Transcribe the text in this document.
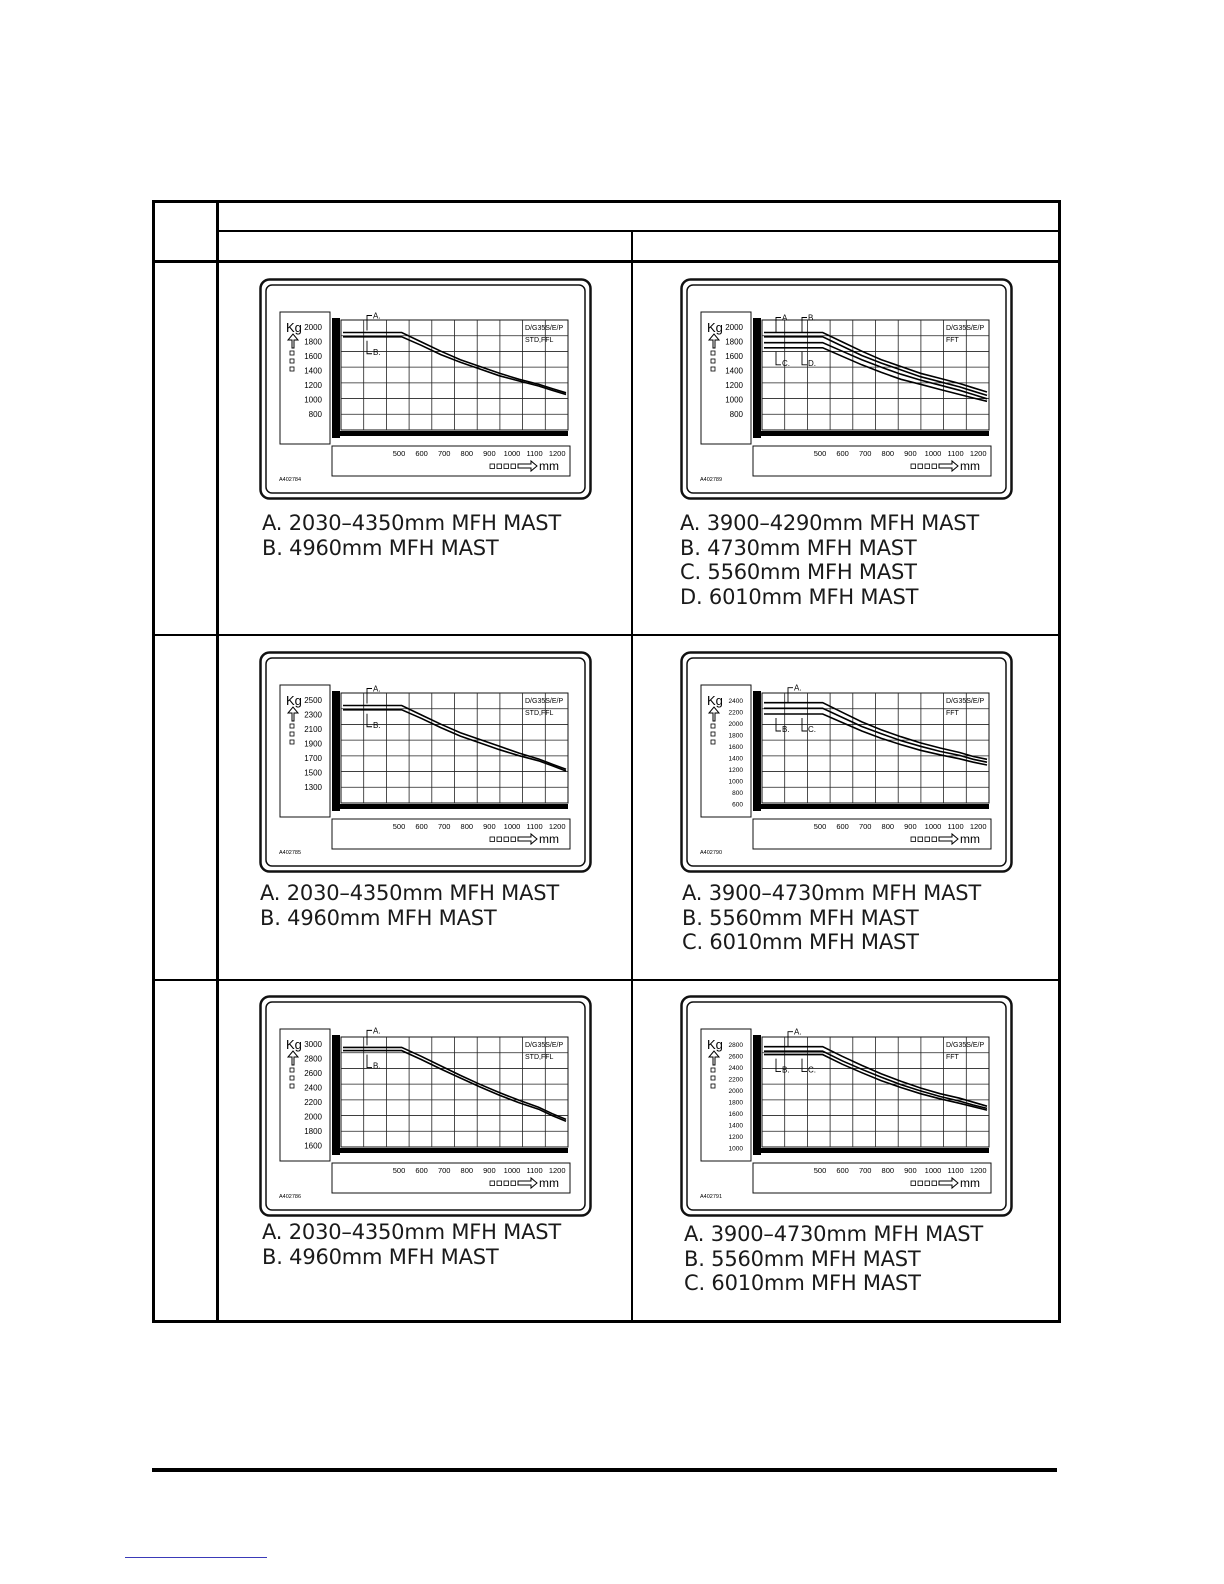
Kg 2000
1800
1600
1400
1200
1000
800
500 600 700 800 900 1000 1100 1200
mm
A402784
D/G35S/E/P
STD,FFL
A.
B.
Kg 2000
1800
1600
1400
1200
1000
800
500 600 700 800 900 1000 1100 1200
mm
A402789
D/G35S/E/P
FFT
A. B.
C. D.
Kg 2500
2300
2100
1900
1700
1500
1300
500 600 700 800 900 1000 1100 1200
mm
A402785
D/G35S/E/P
STD,FFL
A.
B.
Kg 2400
2200
2000
1800
1600
1400
1200
1000
800
600
500 600 700 800 900 1000 1100 1200
mm
A402790
D/G35S/E/P
FFT
A.
B. C.
Kg 3000
2800
2600
2400
2200
2000
1800
1600
500 600 700 800 900 1000 1100 1200
mm
A402786
D/G35S/E/P
STD,FFL
A.
B.
Kg 2800
2600
2400
2200
2000
1800
1600
1400
1200
1000
500 600 700 800 900 1000 1100 1200
mm
A402791
D/G35S/E/P
FFT
A.
B. C.
A. 2030–4350mm MFH MAST
B. 4960mm MFH MAST
A. 3900–4290mm MFH MAST
B. 4730mm MFH MAST
C. 5560mm MFH MAST
D. 6010mm MFH MAST
A. 2030–4350mm MFH MAST
B. 4960mm MFH MAST
A. 3900–4730mm MFH MAST
B. 5560mm MFH MAST
C. 6010mm MFH MAST
A. 2030–4350mm MFH MAST
B. 4960mm MFH MAST
A. 3900–4730mm MFH MAST
B. 5560mm MFH MAST
C. 6010mm MFH MAST
